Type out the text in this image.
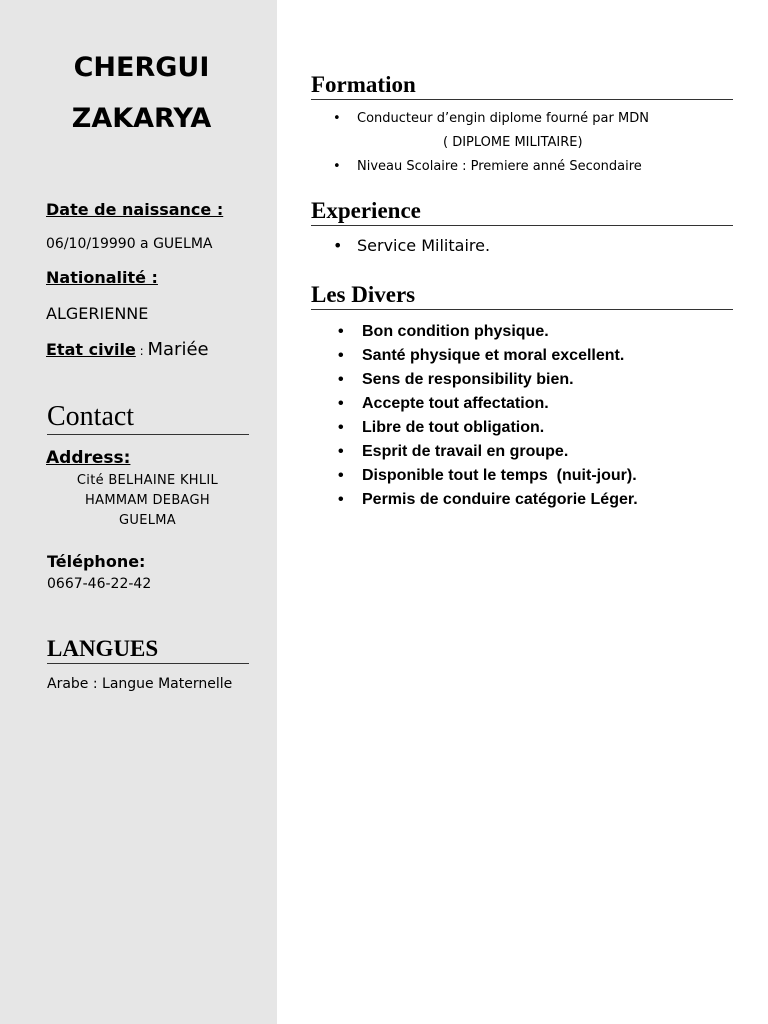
CHERGUI
ZAKARYA
Date de naissance :
06/10/19990 a GUELMA
Nationalité :
ALGERIENNE
Etat civile : Mariée
Contact
Address:
Cité BELHAINE KHLIL
HAMMAM DEBAGH
GUELMA
Téléphone:
0667-46-22-42
LANGUES
Arabe : Langue Maternelle
Formation
• Conducteur d’engin diplome fourné par MDN
( DIPLOME MILITAIRE)
• Niveau Scolaire : Premiere anné Secondaire
Experience
• Service Militaire.
Les Divers
• Bon condition physique.
• Santé physique et moral excellent.
• Sens de responsibility bien.
• Accepte tout affectation.
• Libre de tout obligation.
• Esprit de travail en groupe.
• Disponible tout le temps  (nuit-jour).
• Permis de conduire catégorie Léger.
